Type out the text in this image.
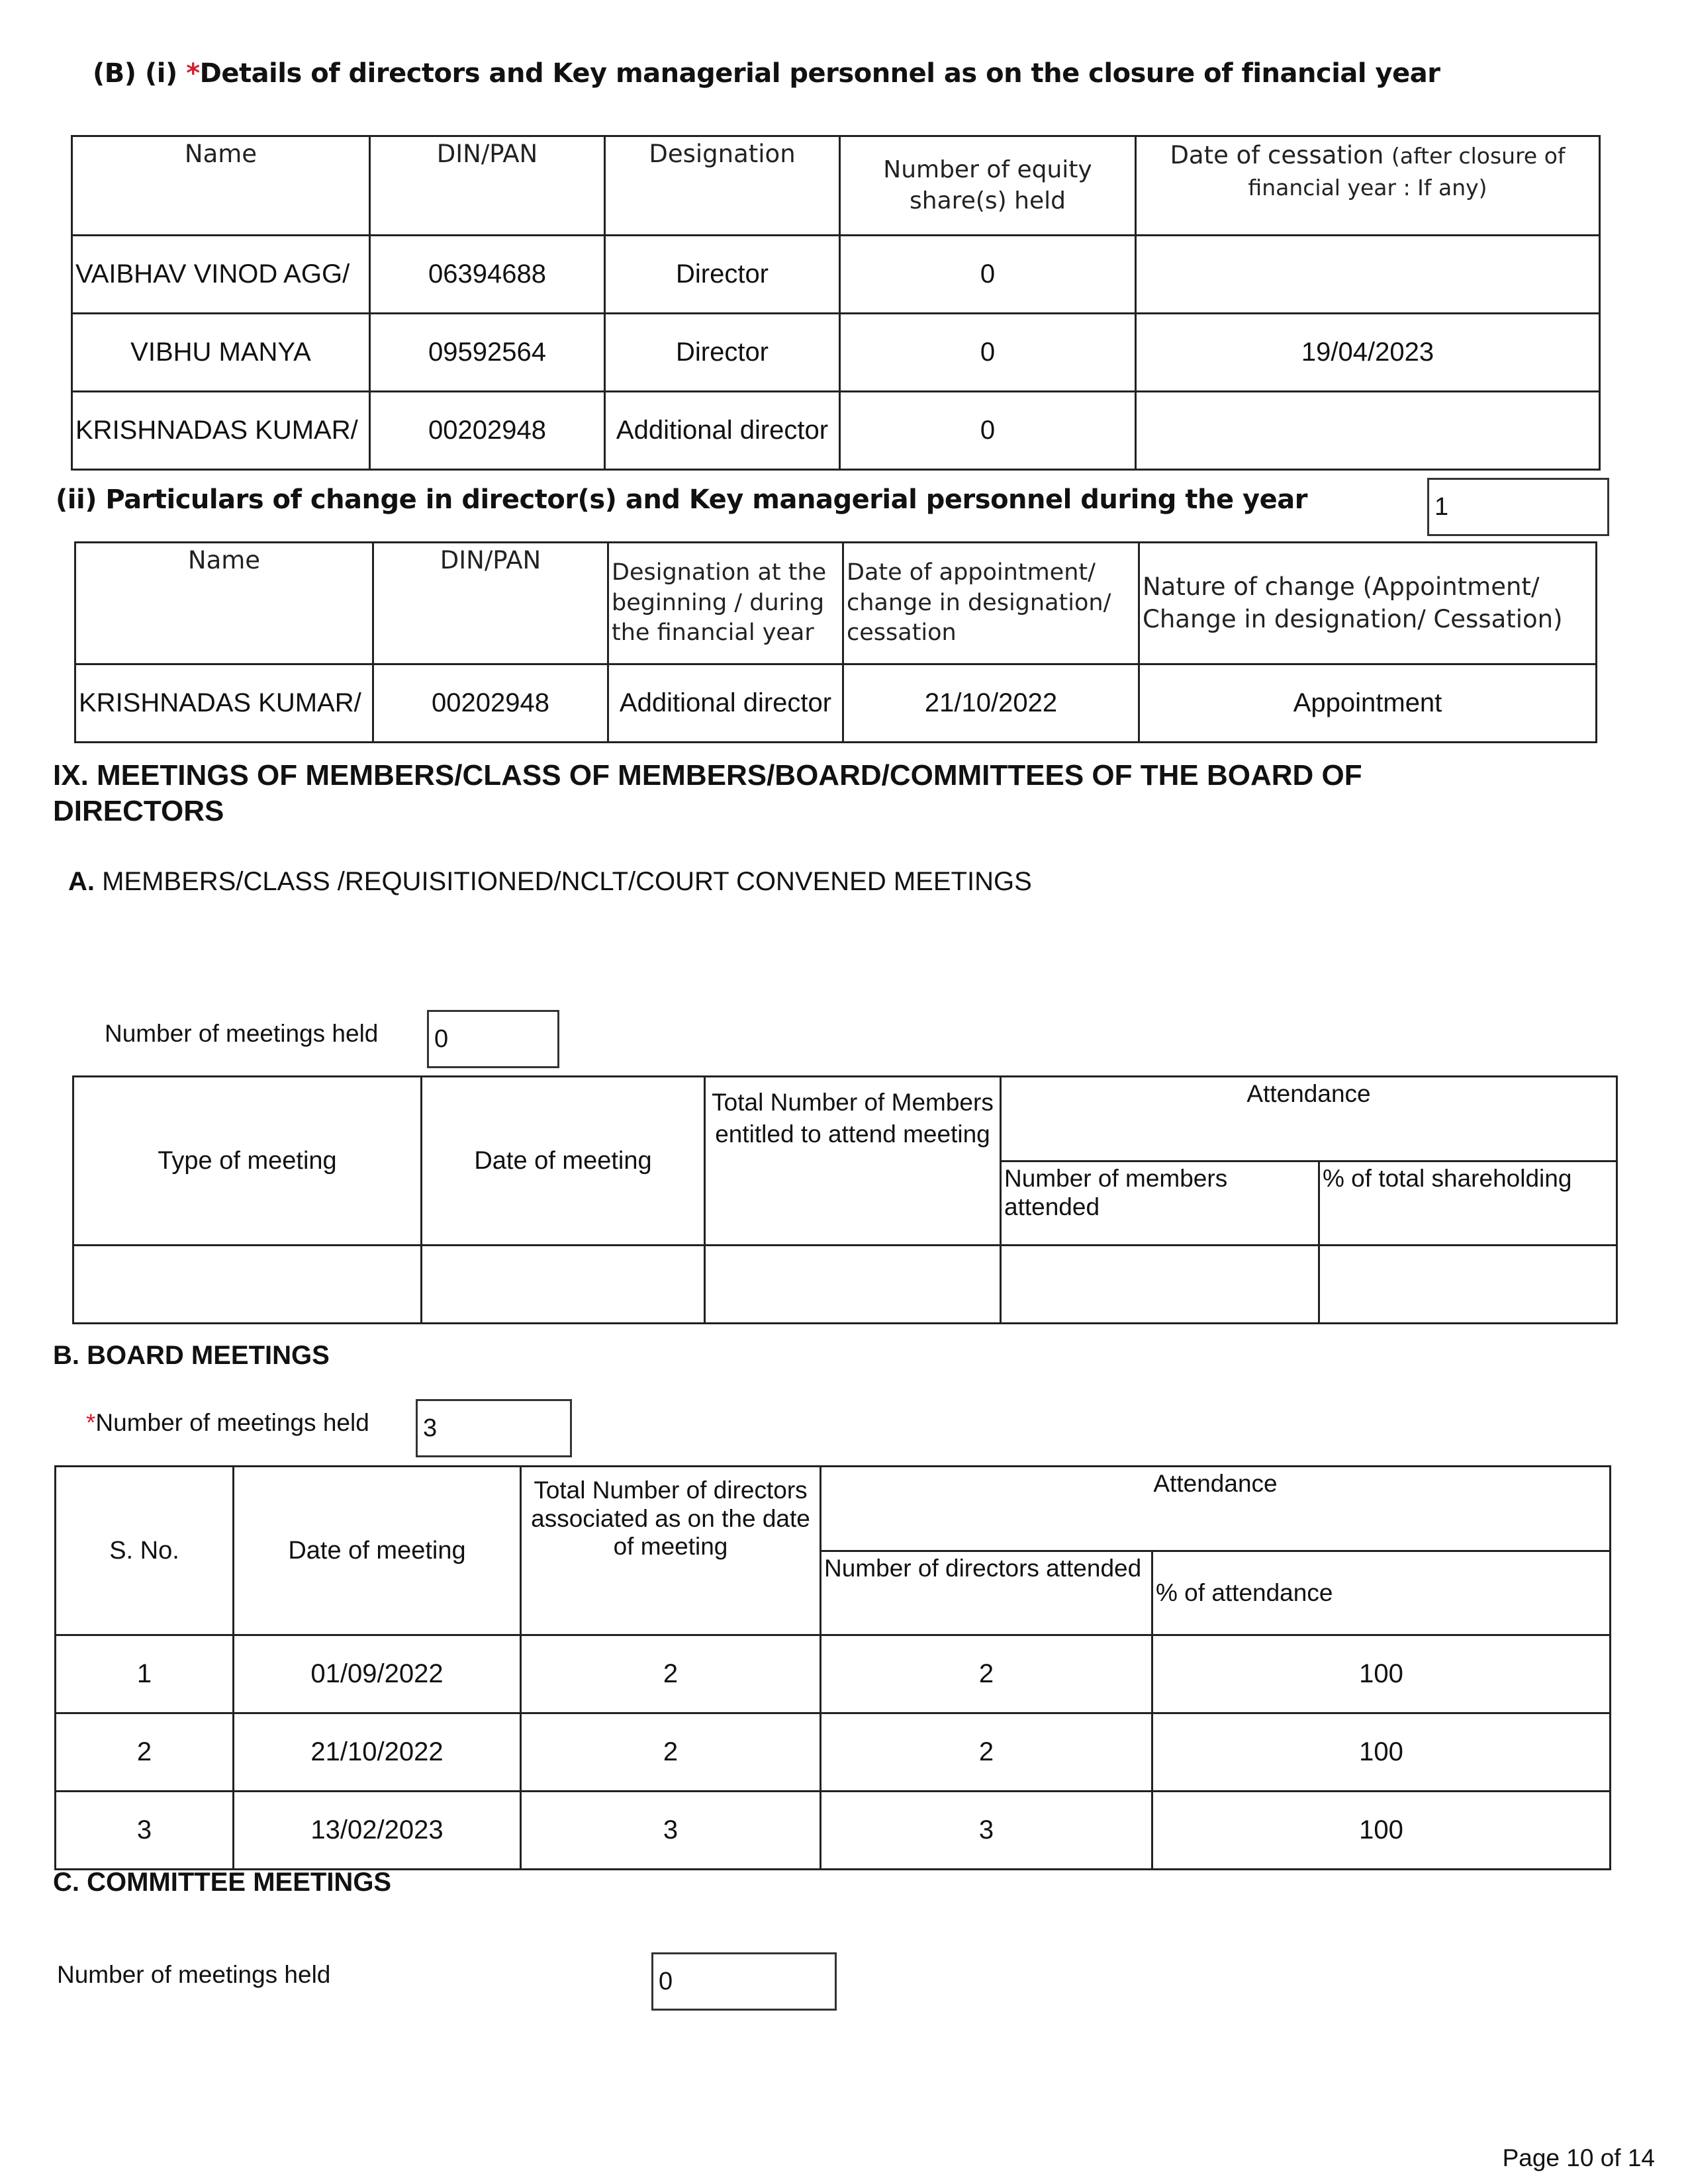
(B) (i) *Details of directors and Key managerial personnel as on the closure of financial year
Name	DIN/PAN	Designation	Number of equity share(s) held	Date of cessation (after closure of financial year : If any)
VAIBHAV VINOD AGG/	06394688	Director	0	
VIBHU MANYA	09592564	Director	0	19/04/2023
KRISHNADAS KUMAR/	00202948	Additional director	0	
(ii) Particulars of change in director(s) and Key managerial personnel during the year	1
Name	DIN/PAN	Designation at the beginning / during the financial year	Date of appointment/ change in designation/ cessation	Nature of change (Appointment/ Change in designation/ Cessation)
KRISHNADAS KUMAR/	00202948	Additional director	21/10/2022	Appointment
IX. MEETINGS OF MEMBERS/CLASS OF MEMBERS/BOARD/COMMITTEES OF THE BOARD OF DIRECTORS
A. MEMBERS/CLASS /REQUISITIONED/NCLT/COURT CONVENED MEETINGS
Number of meetings held 0
Type of meeting	Date of meeting	Total Number of Members entitled to attend meeting	Attendance	
			Number of members attended	% of total shareholding

B. BOARD MEETINGS
*Number of meetings held 3
S. No.	Date of meeting	Total Number of directors associated as on the date of meeting	Attendance	
			Number of directors attended	% of attendance
1	01/09/2022	2	2	100
2	21/10/2022	2	2	100
3	13/02/2023	3	3	100
C. COMMITTEE MEETINGS
Number of meetings held	0
Page 10 of 14
